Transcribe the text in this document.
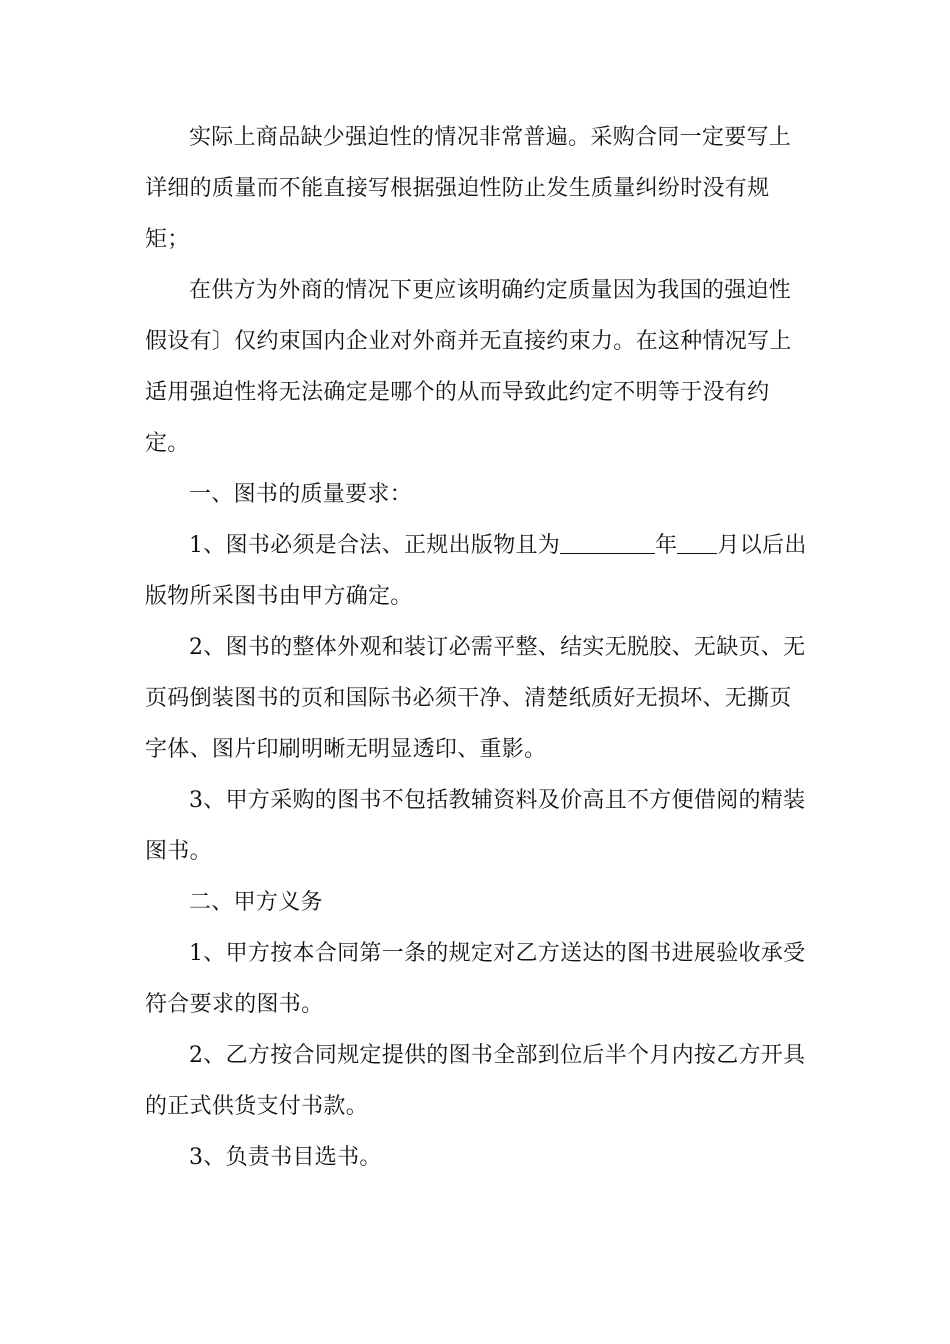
实际上商品缺少强迫性的情况非常普遍。采购合同一定要写上
详细的质量而不能直接写根据强迫性防止发生质量纠纷时没有规
矩；

在供方为外商的情况下更应该明确约定质量因为我国的强迫性
假设有〕仅约束国内企业对外商并无直接约束力。在这种情况写上
适用强迫性将无法确定是哪个的从而导致此约定不明等于没有约
定。

一、图书的质量要求：

1、图书必须是合法、正规出版物且为	年 月以后出
版物所采图书由甲方确定。

2、图书的整体外观和装订必需平整、结实无脱胶、无缺页、无
页码倒装图书的页和国际书必须干净、清楚纸质好无损坏、无撕页
字体、图片印刷明晰无明显透印、重影。

3、甲方采购的图书不包括教辅资料及价高且不方便借阅的精装
图书。

二、甲方义务

1、甲方按本合同第一条的规定对乙方送达的图书进展验收承受
符合要求的图书。

2、乙方按合同规定提供的图书全部到位后半个月内按乙方开具
的正式供货支付书款。

3、负责书目选书。
